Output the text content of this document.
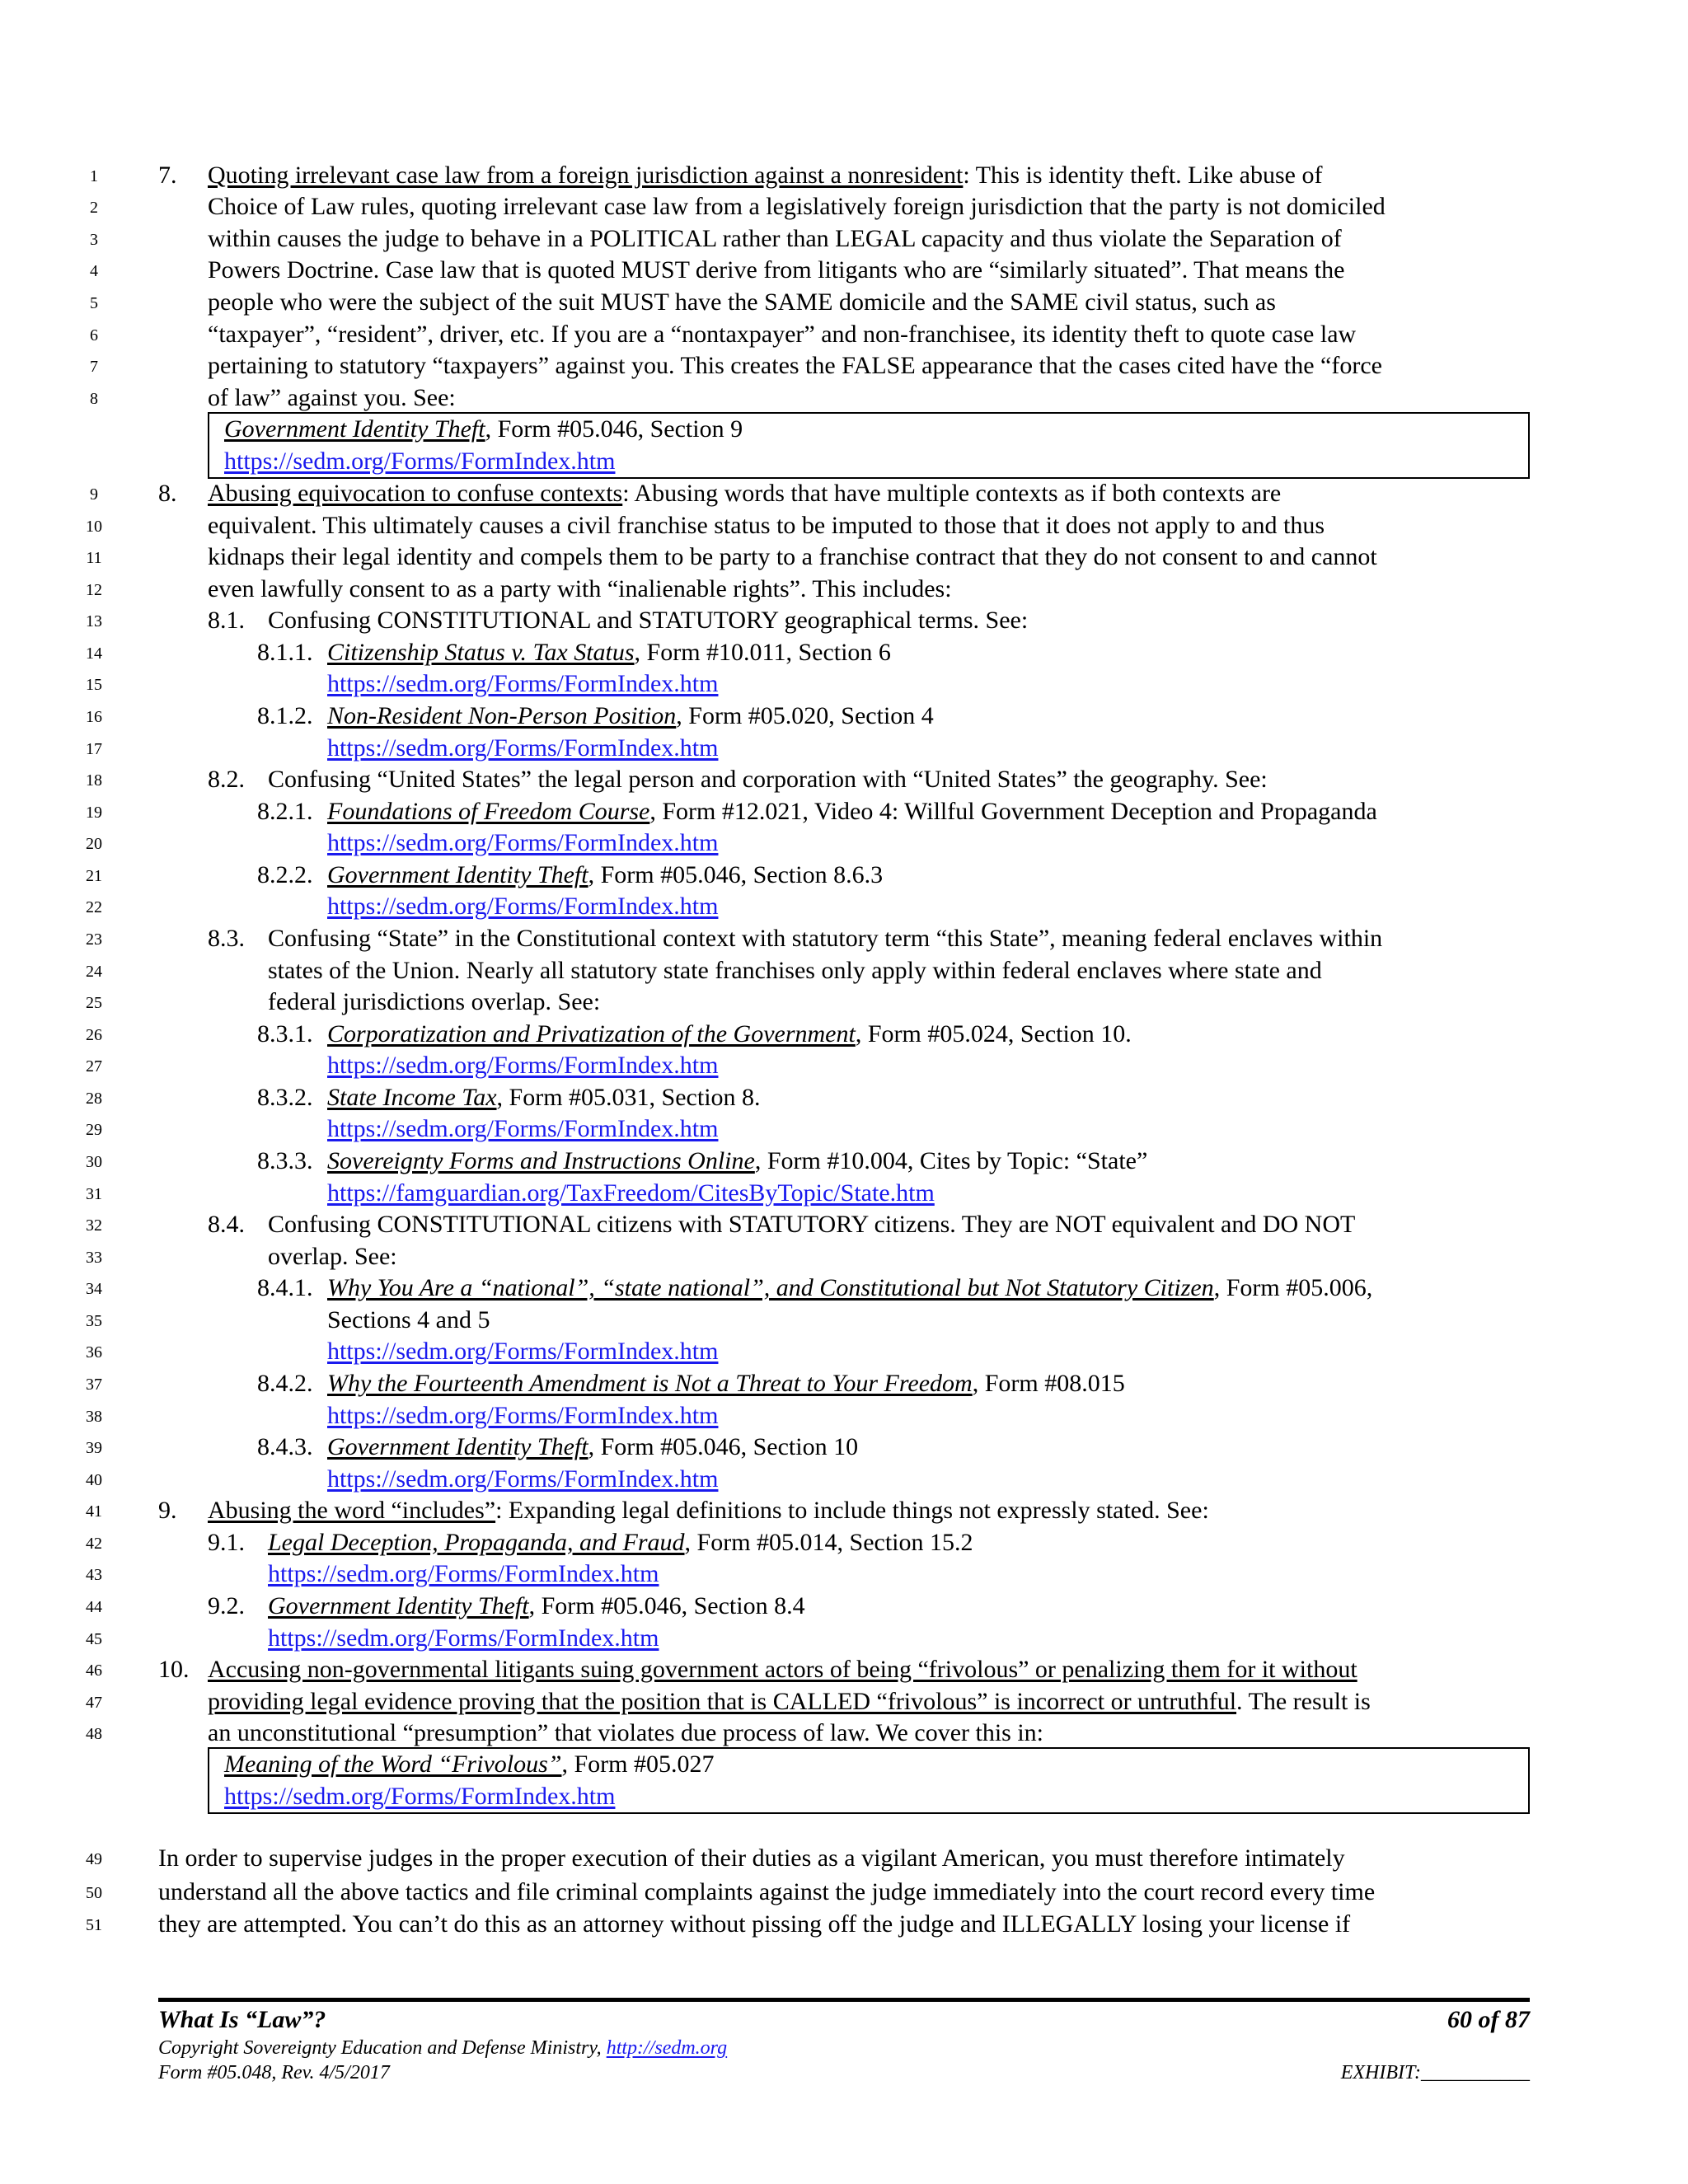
1
2
3
4
5
6
7
8
9
10
11
12
13
14
15
16
17
18
19
20
21
22
23
24
25
26
27
28
29
30
31
32
33
34
35
36
37
38
39
40
41
42
43
44
45
46
47
48
49
50
51
7. Quoting irrelevant case law from a foreign jurisdiction against a nonresident: This is identity theft. Like abuse of
Choice of Law rules, quoting irrelevant case law from a legislatively foreign jurisdiction that the party is not domiciled
within causes the judge to behave in a POLITICAL rather than LEGAL capacity and thus violate the Separation of
Powers Doctrine. Case law that is quoted MUST derive from litigants who are “similarly situated”. That means the
people who were the subject of the suit MUST have the SAME domicile and the SAME civil status, such as
“taxpayer”, “resident”, driver, etc. If you are a “nontaxpayer” and non-franchisee, its identity theft to quote case law
pertaining to statutory “taxpayers” against you. This creates the FALSE appearance that the cases cited have the “force
of law” against you. See:
Government Identity Theft, Form #05.046, Section 9
https://sedm.org/Forms/FormIndex.htm
8. Abusing equivocation to confuse contexts: Abusing words that have multiple contexts as if both contexts are
equivalent. This ultimately causes a civil franchise status to be imputed to those that it does not apply to and thus
kidnaps their legal identity and compels them to be party to a franchise contract that they do not consent to and cannot
even lawfully consent to as a party with “inalienable rights”. This includes:
8.1. Confusing CONSTITUTIONAL and STATUTORY geographical terms. See:
8.1.1. Citizenship Status v. Tax Status, Form #10.011, Section 6
https://sedm.org/Forms/FormIndex.htm
8.1.2. Non-Resident Non-Person Position, Form #05.020, Section 4
https://sedm.org/Forms/FormIndex.htm
8.2. Confusing “United States” the legal person and corporation with “United States” the geography. See:
8.2.1. Foundations of Freedom Course, Form #12.021, Video 4: Willful Government Deception and Propaganda
https://sedm.org/Forms/FormIndex.htm
8.2.2. Government Identity Theft, Form #05.046, Section 8.6.3
https://sedm.org/Forms/FormIndex.htm
8.3. Confusing “State” in the Constitutional context with statutory term “this State”, meaning federal enclaves within
states of the Union. Nearly all statutory state franchises only apply within federal enclaves where state and
federal jurisdictions overlap. See:
8.3.1. Corporatization and Privatization of the Government, Form #05.024, Section 10.
https://sedm.org/Forms/FormIndex.htm
8.3.2. State Income Tax, Form #05.031, Section 8.
https://sedm.org/Forms/FormIndex.htm
8.3.3. Sovereignty Forms and Instructions Online, Form #10.004, Cites by Topic: “State”
https://famguardian.org/TaxFreedom/CitesByTopic/State.htm
8.4. Confusing CONSTITUTIONAL citizens with STATUTORY citizens. They are NOT equivalent and DO NOT
overlap. See:
8.4.1. Why You Are a “national”, “state national”, and Constitutional but Not Statutory Citizen, Form #05.006,
Sections 4 and 5
https://sedm.org/Forms/FormIndex.htm
8.4.2. Why the Fourteenth Amendment is Not a Threat to Your Freedom, Form #08.015
https://sedm.org/Forms/FormIndex.htm
8.4.3. Government Identity Theft, Form #05.046, Section 10
https://sedm.org/Forms/FormIndex.htm
9. Abusing the word “includes”: Expanding legal definitions to include things not expressly stated. See:
9.1. Legal Deception, Propaganda, and Fraud, Form #05.014, Section 15.2
https://sedm.org/Forms/FormIndex.htm
9.2. Government Identity Theft, Form #05.046, Section 8.4
https://sedm.org/Forms/FormIndex.htm
10. Accusing non-governmental litigants suing government actors of being “frivolous” or penalizing them for it without
providing legal evidence proving that the position that is CALLED “frivolous” is incorrect or untruthful. The result is
an unconstitutional “presumption” that violates due process of law. We cover this in:
Meaning of the Word “Frivolous”, Form #05.027
https://sedm.org/Forms/FormIndex.htm
In order to supervise judges in the proper execution of their duties as a vigilant American, you must therefore intimately
understand all the above tactics and file criminal complaints against the judge immediately into the court record every time
they are attempted. You can’t do this as an attorney without pissing off the judge and ILLEGALLY losing your license if
What Is “Law”?	60 of 87
Copyright Sovereignty Education and Defense Ministry, http://sedm.org
Form #05.048, Rev. 4/5/2017	EXHIBIT:___________
